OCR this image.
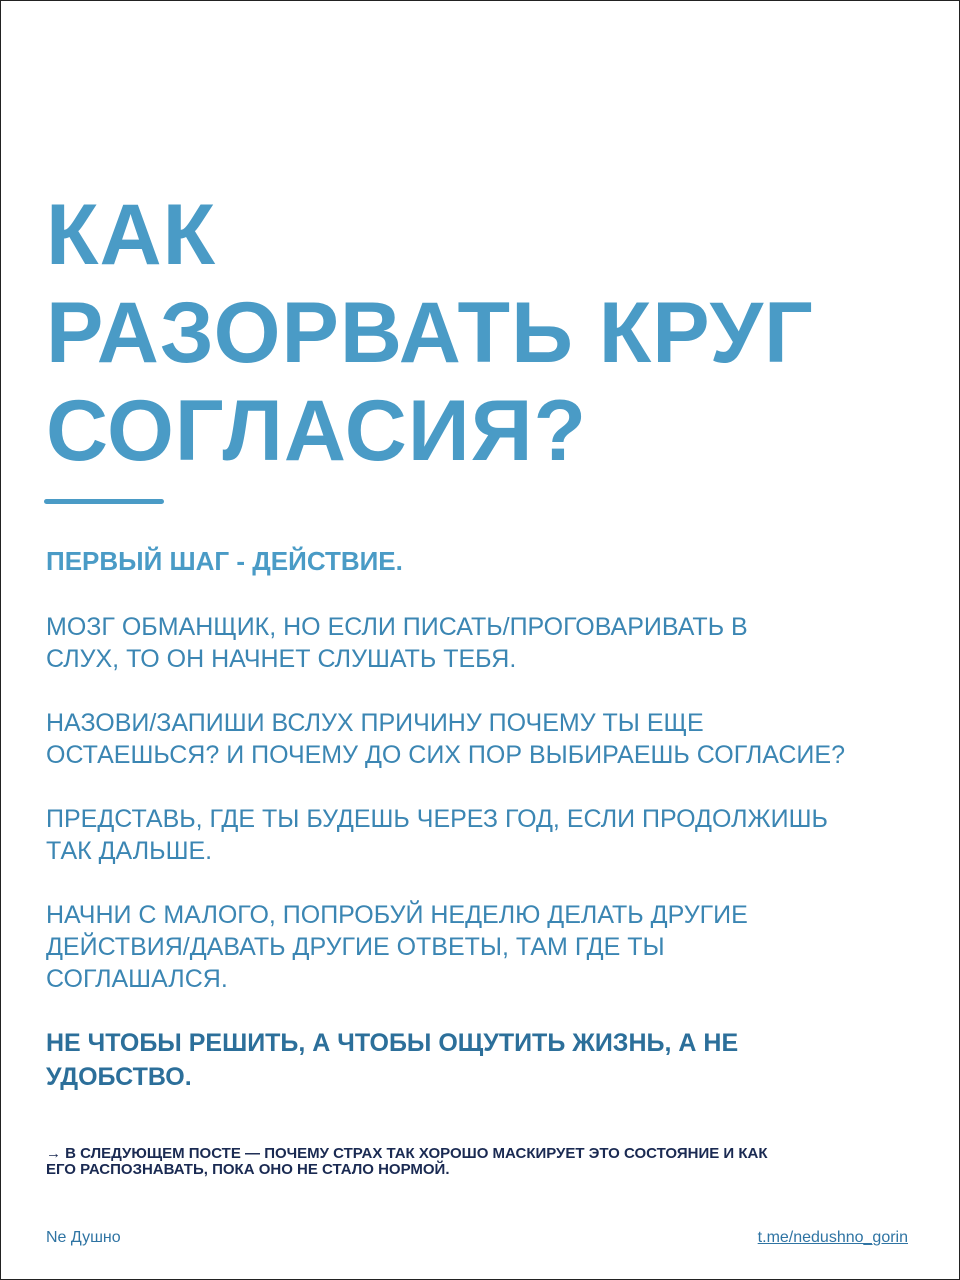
КАК
РАЗОРВАТЬ КРУГ
СОГЛАСИЯ?
ПЕРВЫЙ ШАГ - ДЕЙСТВИЕ.

МОЗГ ОБМАНЩИК, НО ЕСЛИ ПИСАТЬ/ПРОГОВАРИВАТЬ В
СЛУХ, ТО ОН НАЧНЕТ СЛУШАТЬ ТЕБЯ.

НАЗОВИ/ЗАПИШИ ВСЛУХ ПРИЧИНУ ПОЧЕМУ ТЫ ЕЩЕ
ОСТАЕШЬСЯ? И ПОЧЕМУ ДО СИХ ПОР ВЫБИРАЕШЬ СОГЛАСИЕ?

ПРЕДСТАВЬ, ГДЕ ТЫ БУДЕШЬ ЧЕРЕЗ ГОД, ЕСЛИ ПРОДОЛЖИШЬ
ТАК ДАЛЬШЕ.

НАЧНИ С МАЛОГО, ПОПРОБУЙ НЕДЕЛЮ ДЕЛАТЬ ДРУГИЕ
ДЕЙСТВИЯ/ДАВАТЬ ДРУГИЕ ОТВЕТЫ, ТАМ ГДЕ ТЫ
СОГЛАШАЛСЯ.

НЕ ЧТОБЫ РЕШИТЬ, А ЧТОБЫ ОЩУТИТЬ ЖИЗНЬ, А НЕ
УДОБСТВО.

→ В СЛЕДУЮЩЕМ ПОСТЕ — ПОЧЕМУ СТРАХ ТАК ХОРОШО МАСКИРУЕТ ЭТО СОСТОЯНИЕ И КАК
ЕГО РАСПОЗНАВАТЬ, ПОКА ОНО НЕ СТАЛО НОРМОЙ.

Ne Душно	t.me/nedushno_gorin
